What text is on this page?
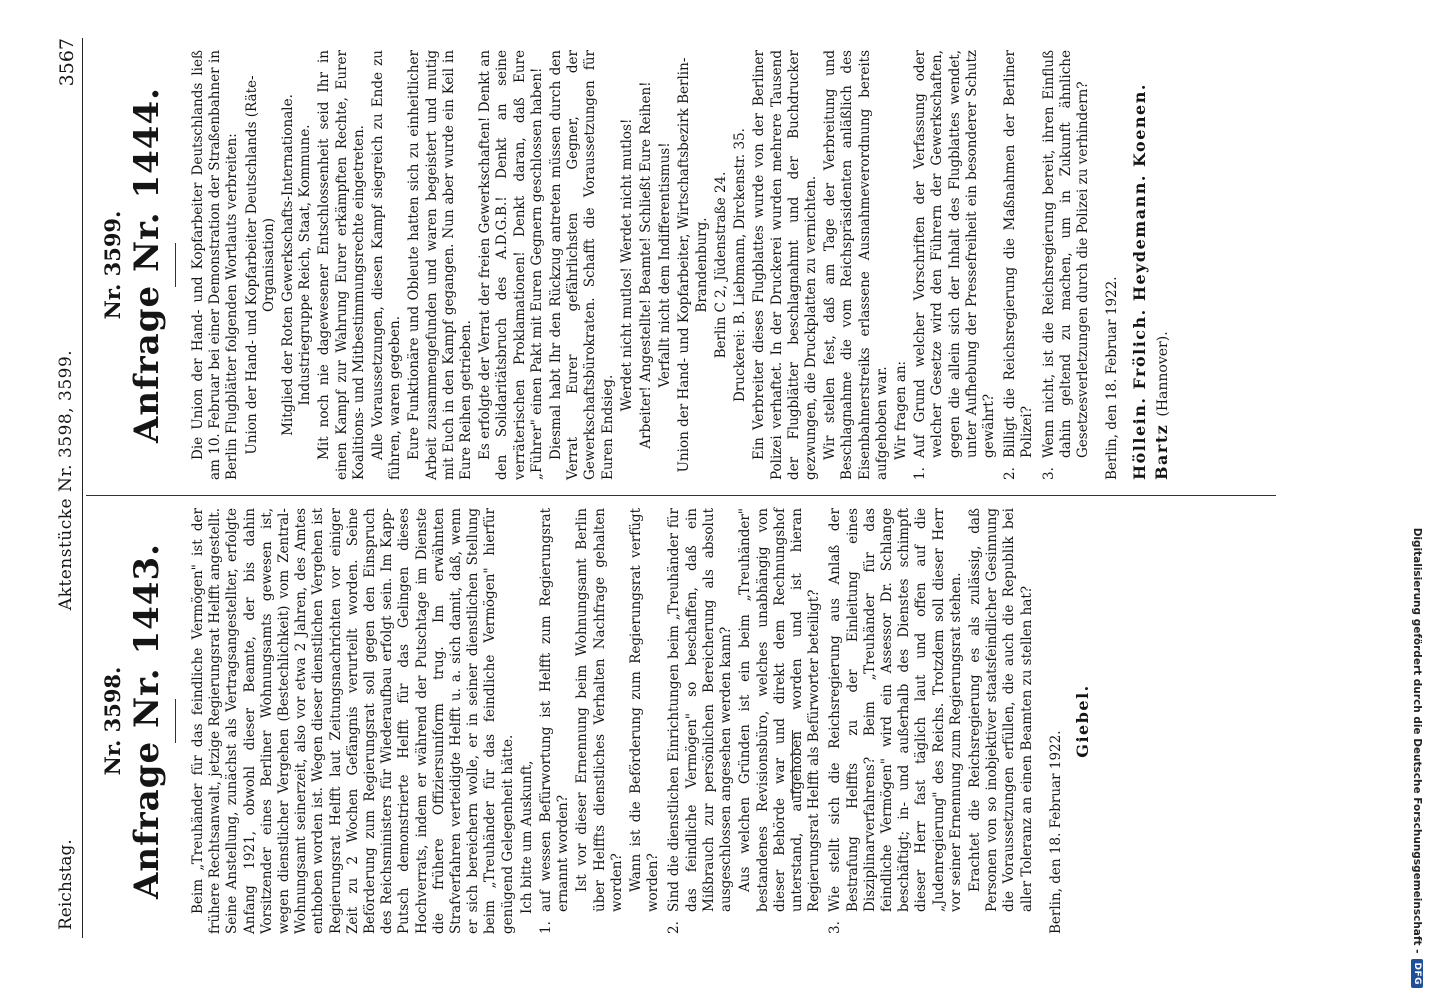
Reichstag.
Aktenstücke Nr. 3598, 3599.
3567
Nr. 3598. Anfrage Nr. 1443. Beim „Treuhänder für das feindliche Vermögen" ist der frühere Rechtsanwalt, jetzige Regierungsrat Helfft angestellt. Seine Anstellung, zunächst als Vertragsangestellter, erfolgte Anfang 1921, obwohl dieser Beamte, der bis dahin Vorsitzender eines Berliner Wohnungsamts gewesen ist, wegen dienstlicher Vergehen (Bestechlichkeit) vom Zentral-Wohnungsamt seinerzeit, also vor etwa 2 Jahren, des Amtes enthoben worden ist. Wegen dieser dienstlichen Vergehen ist Regierungsrat Helfft laut Zeitungsnachrichten vor einiger Zeit zu 2 Wochen Gefängnis verurteilt worden. Seine Beförderung zum Regierungsrat soll gegen den Einspruch des Reichsministers für Wiederaufbau erfolgt sein. Im Kapp-Putsch demonstrierte Helfft für das Gelingen dieses Hochverrats, indem er während der Putschtage im Dienste die frühere Offiziersuniform trug. Im erwähnten Strafverfahren verteidigte Helfft u. a. sich damit, daß, wenn er sich bereichern wolle, er in seiner dienstlichen Stellung beim „Treuhänder für das feindliche Vermögen" hierfür genügend Gelegenheit hätte. Ich bitte um Auskunft,

1.

auf wessen Befürwortung ist Helfft zum Regierungsrat ernannt worden? Ist vor dieser Ernennung beim Wohnungsamt Berlin über Helffts dienstliches Verhalten Nachfrage gehalten worden? Wann ist die Beförderung zum Regierungsrat verfügt worden?

2.

Sind die dienstlichen Einrichtungen beim „Treuhänder für das feindliche Vermögen" so beschaffen, daß ein Mißbrauch zur persönlichen Bereicherung als absolut ausgeschlossen angesehen werden kann? Aus welchen Gründen ist ein beim „Treuhänder" bestandenes Revisionsbüro, welches unabhängig von dieser Behörde war und direkt dem Rechnungshof unterstand, aufgehoben worden und ist hieran Regierungsrat Helfft als Befürworter beteiligt?

3.

Wie stellt sich die Reichsregierung aus Anlaß der Bestrafung Helffts zu der Einleitung eines Disziplinarverfahrens? Beim „Treuhänder für das feindliche Vermögen" wird ein Assessor Dr. Schlange beschäftigt; in- und außerhalb des Dienstes schimpft dieser Herr fast täglich laut und offen auf die „Judenregierung" des Reichs. Trotzdem soll dieser Herr vor seiner Ernennung zum Regierungsrat stehen. Erachtet die Reichsregierung es als zulässig, daß Personen von so inobjektiver staatsfeindlicher Gesinnung die Voraussetzungen erfüllen, die auch die Republik bei aller Toleranz an einen Beamten zu stellen hat? Berlin, den 18. Februar 1922.
Giebel.
Nr. 3599. Anfrage Nr. 1444. Die Union der Hand- und Kopfarbeiter Deutschlands ließ am 10. Februar bei einer Demonstration der Straßenbahner in Berlin Flugblätter folgenden Wortlauts verbreiten: Union der Hand- und Kopfarbeiter Deutschlands (Räte-Organisation) Mitglied der Roten Gewerkschafts-Internationale. Industriegruppe Reich, Staat, Kommune. Mit noch nie dagewesener Entschlossenheit seid Ihr in einen Kampf zur Wahrung Eurer erkämpften Rechte, Eurer Koalitions- und Mitbestimmungsrechte eingetreten. Alle Voraussetzungen, diesen Kampf siegreich zu Ende zu führen, waren gegeben. Eure Funktionäre und Obleute hatten sich zu einheitlicher Arbeit zusammengefunden und waren begeistert und mutig mit Euch in den Kampf gegangen. Nun aber wurde ein Keil in Eure Reihen getrieben. Es erfolgte der Verrat der freien Gewerkschaften! Denkt an den Solidaritätsbruch des A.D.G.B.! Denkt an seine verräterischen Proklamationen! Denkt daran, daß Eure „Führer" einen Pakt mit Euren Gegnern geschlossen haben! Diesmal habt Ihr den Rückzug antreten müssen durch den Verrat Eurer gefährlichsten Gegner, der Gewerkschaftsbürokraten. Schafft die Voraussetzungen für Euren Endsieg.

Werdet nicht mutlos! Werdet nicht mutlos! Arbeiter! Angestellte! Beamte! Schließt Eure Reihen! Verfallt nicht dem Indifferentismus! Union der Hand- und Kopfarbeiter, Wirtschaftsbezirk Berlin-Brandenburg. Berlin C 2, Jüdenstraße 24. Druckerei: B. Liebmann, Dirckenstr. 35. Ein Verbreiter dieses Flugblattes wurde von der Berliner Polizei verhaftet. In der Druckerei wurden mehrere Tausend der Flugblätter beschlagnahmt und der Buchdrucker gezwungen, die Druckplatten zu vernichten. Wir stellen fest, daß am Tage der Verbreitung und Beschlagnahme die vom Reichspräsidenten anläßlich des Eisenbahnerstreiks erlassene Ausnahmeverordnung bereits aufgehoben war. Wir fragen an:

1.

Auf Grund welcher Vorschriften der Verfassung oder welcher Gesetze wird den Führern der Gewerkschaften, gegen die allein sich der Inhalt des Flugblattes wendet, unter Aufhebung der Pressefreiheit ein besonderer Schutz gewährt?

2.

Billigt die Reichsregierung die Maßnahmen der Berliner Polizei?

3.

Wenn nicht, ist die Reichsregierung bereit, ihren Einfluß dahin geltend zu machen, um in Zukunft ähnliche Gesetzesverletzungen durch die Polizei zu verhindern? Berlin, den 18. Februar 1922. Höllein. Frölich. Heydemann. Koenen. Bartz (Hannover).
Digitalisierung gefördert durch die Deutsche Forschungsgemeinschaft -
DFG
